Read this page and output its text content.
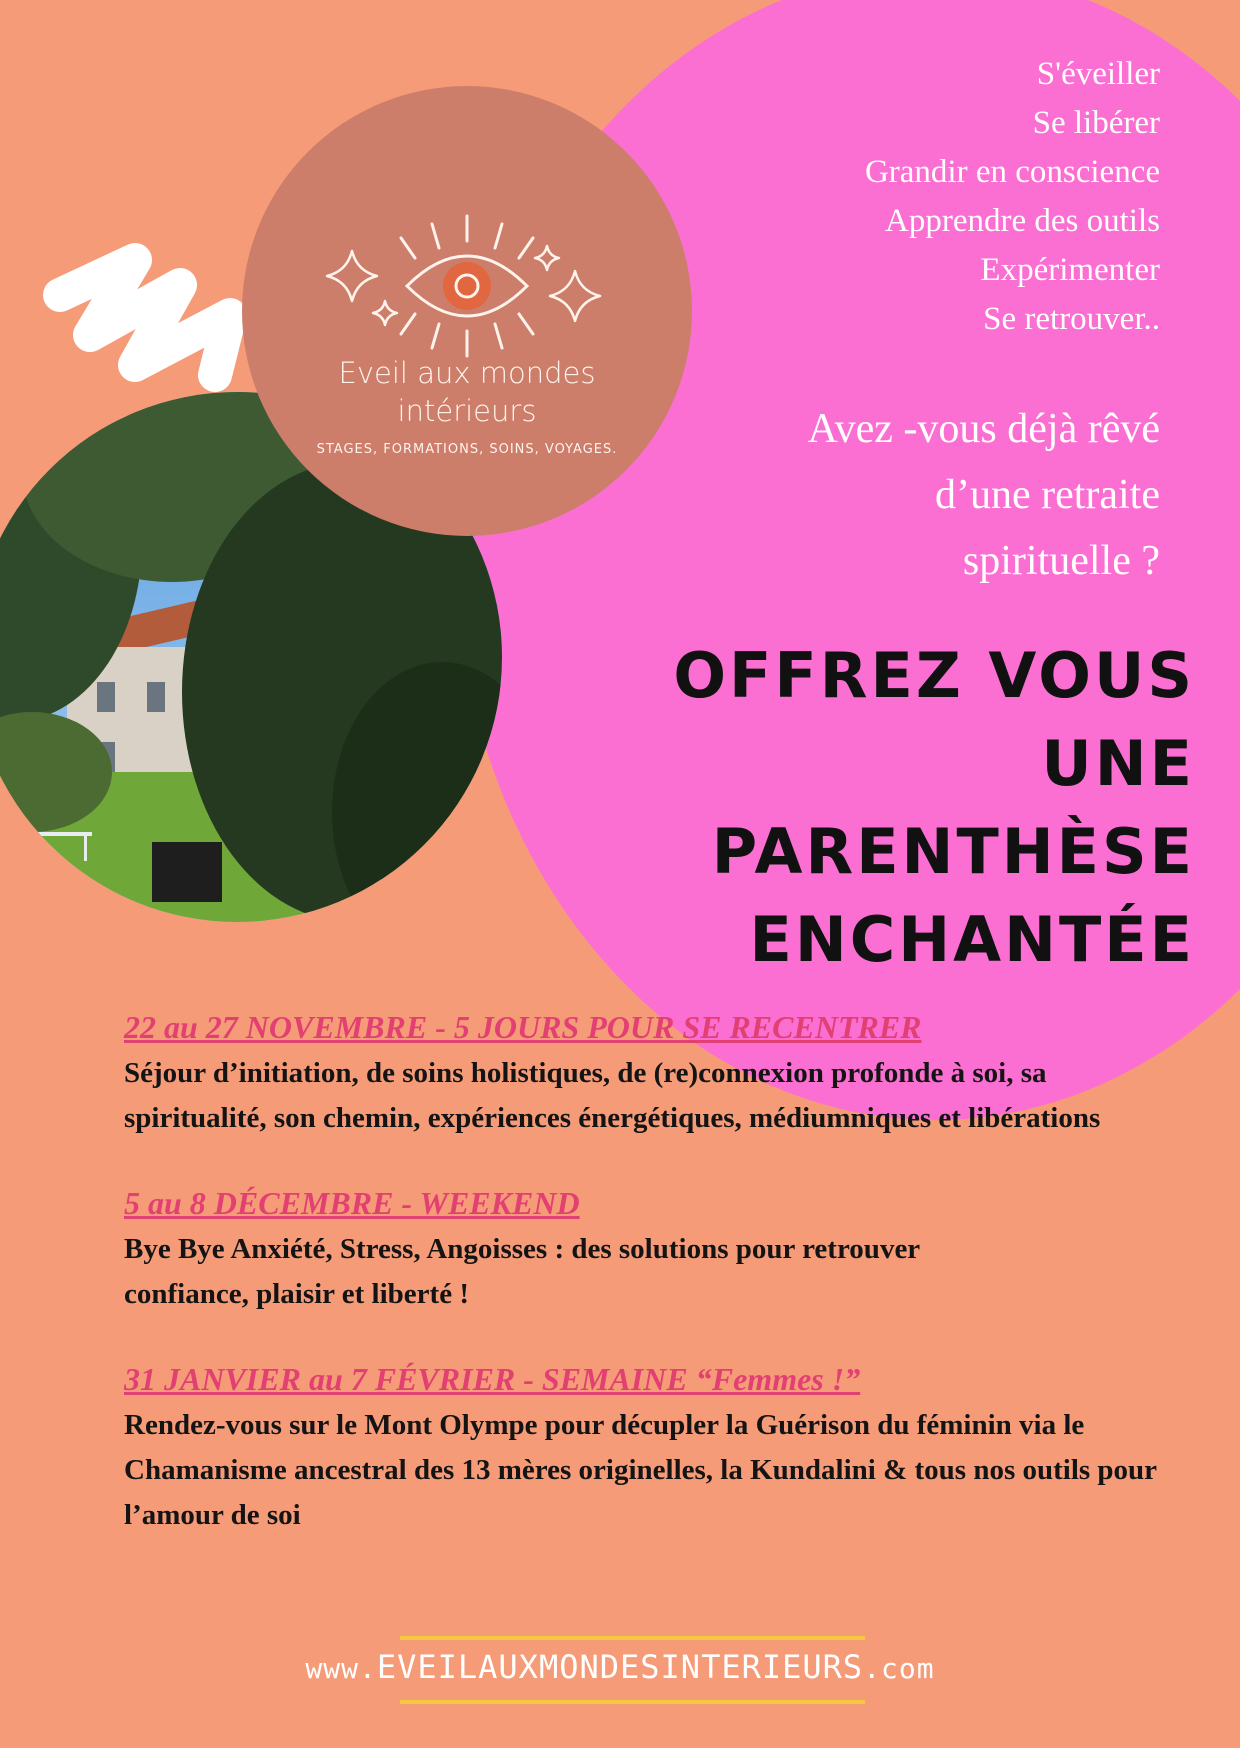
Eveil aux mondes
intérieurs
STAGES, FORMATIONS, SOINS, VOYAGES.
S'éveiller
Se libérer
Grandir en conscience
Apprendre des outils
Expérimenter
Se retrouver..
Avez -vous déjà rêvé
d’une retraite
spirituelle ?
OFFREZ VOUS
UNE
PARENTHÈSE
ENCHANTÉE
22 au 27 NOVEMBRE - 5 JOURS POUR SE RECENTRER
Séjour d’initiation, de soins holistiques, de (re)connexion profonde à soi, sa spiritualité, son chemin, expériences énergétiques, médiumniques et libérations
5 au 8 DÉCEMBRE - WEEKEND
Bye Bye Anxiété, Stress, Angoisses : des solutions pour retrouver confiance, plaisir et liberté !
31 JANVIER au 7 FÉVRIER - SEMAINE “Femmes !”
Rendez-vous sur le Mont Olympe pour décupler la Guérison du féminin via le Chamanisme ancestral des 13 mères originelles, la Kundalini & tous nos outils pour l’amour de soi
www.EVEILAUXMONDESINTERIEURS.com
